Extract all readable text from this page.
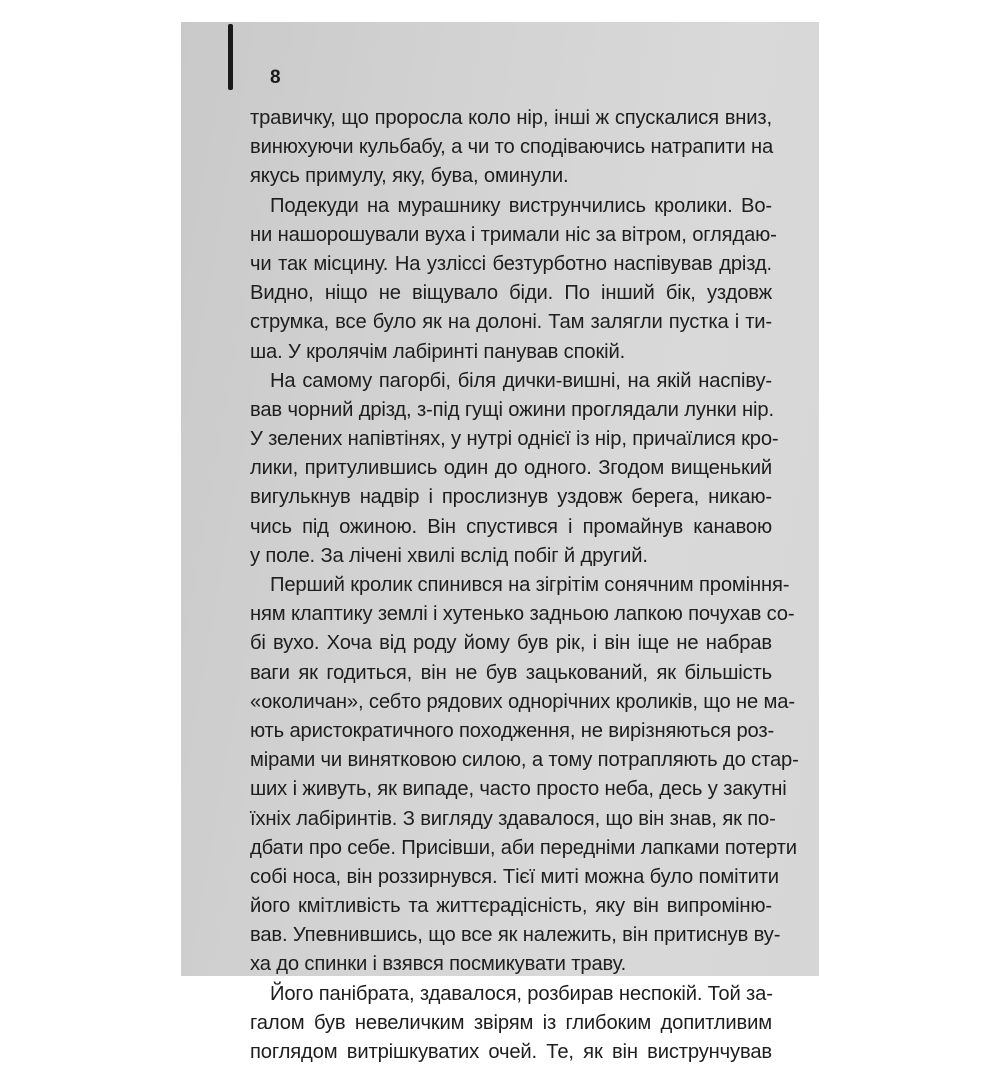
8
травичку, що проросла коло нір, інші ж спускалися вниз,
винюхуючи кульбабу, а чи то сподіваючись натрапити на
якусь примулу, яку, бува, оминули.
Подекуди на мурашнику виструнчились кролики. Во-
ни нашорошували вуха і тримали ніс за вітром, оглядаю-
чи так місцину. На узліссі безтурботно наспівував дрізд.
Видно, ніщо не віщувало біди. По інший бік, уздовж
струмка, все було як на долоні. Там залягли пустка і ти-
ша. У кролячім лабіринті панував спокій.
На самому пагорбі, біля дички-вишні, на якій наспіву-
вав чорний дрізд, з-під гущі ожини проглядали лунки нір.
У зелених напівтінях, у нутрі однієї із нір, причаїлися кро-
лики, притулившись один до одного. Згодом вищенький
вигулькнув надвір і прослизнув уздовж берега, никаю-
чись під ожиною. Він спустився і промайнув канавою
у поле. За лічені хвилі вслід побіг й другий.
Перший кролик спинився на зігрітім сонячним проміння-
ням клаптику землі і хутенько задньою лапкою почухав со-
бі вухо. Хоча від роду йому був рік, і він іще не набрав
ваги як годиться, він не був зацькований, як більшість
«околичан», себто рядових однорічних кроликів, що не ма-
ють аристократичного походження, не вирізняються роз-
мірами чи винятковою силою, а тому потрапляють до стар-
ших і живуть, як випаде, часто просто неба, десь у закутні
їхніх лабіринтів. З вигляду здавалося, що він знав, як по-
дбати про себе. Присівши, аби передніми лапками потерти
собі носа, він роззирнувся. Тієї миті можна було помітити
його кмітливість та життєрадісність, яку він випроміню-
вав. Упевнившись, що все як належить, він притиснув ву-
ха до спинки і взявся посмикувати траву.
Його панібрата, здавалося, розбирав неспокій. Той за-
галом був невеличким звірям із глибоким допитливим
поглядом витрішкуватих очей. Те, як він виструнчував
